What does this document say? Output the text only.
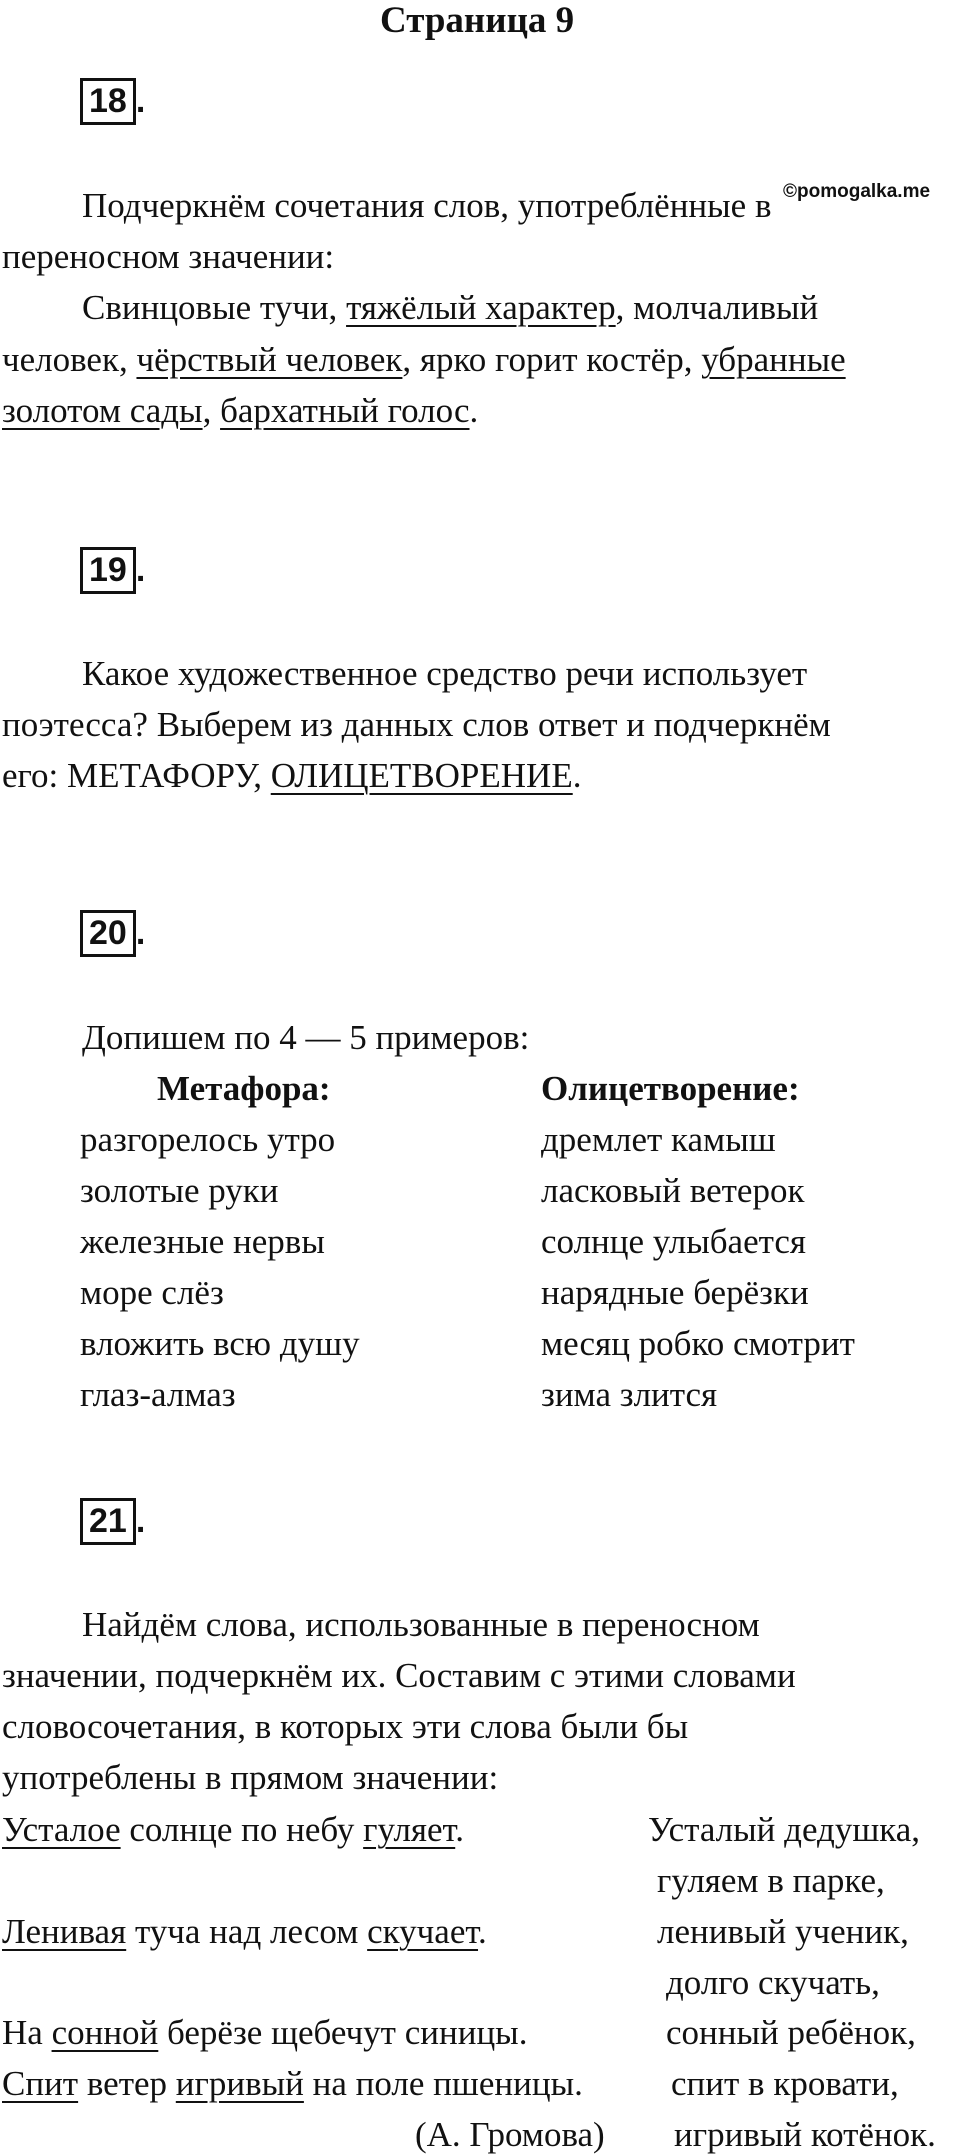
Страница 9
18 .
©pomogalka.me
Подчеркнём сочетания слов, употреблённые в
переносном значении:
Свинцовые тучи, тяжёлый характер, молчаливый
человек, чёрствый человек, ярко горит костёр, убранные
золотом сады, бархатный голос.
19 .
Какое художественное средство речи использует
поэтесса? Выберем из данных слов ответ и подчеркнём
его: МЕТАФОРУ, ОЛИЦЕТВОРЕНИЕ.
20 .
Допишем по 4 — 5 примеров:
Метафора:	Олицетворение:
разгорелось утро
золотые руки
железные нервы
море слёз
вложить всю душу
глаз-алмаз
дремлет камыш
ласковый ветерок
солнце улыбается
нарядные берёзки
месяц робко смотрит
зима злится
21 .
Найдём слова, использованные в переносном
значении, подчеркнём их. Составим с этими словами
словосочетания, в которых эти слова были бы
употреблены в прямом значении:
Усталое солнце по небу гуляет.
Ленивая туча над лесом скучает.
На сонной берёзе щебечут синицы.
Спит ветер игривый на поле пшеницы.
(А. Громова)
Усталый дедушка,
гуляем в парке,
ленивый ученик,
долго скучать,
сонный ребёнок,
спит в кровати,
игривый котёнок.
